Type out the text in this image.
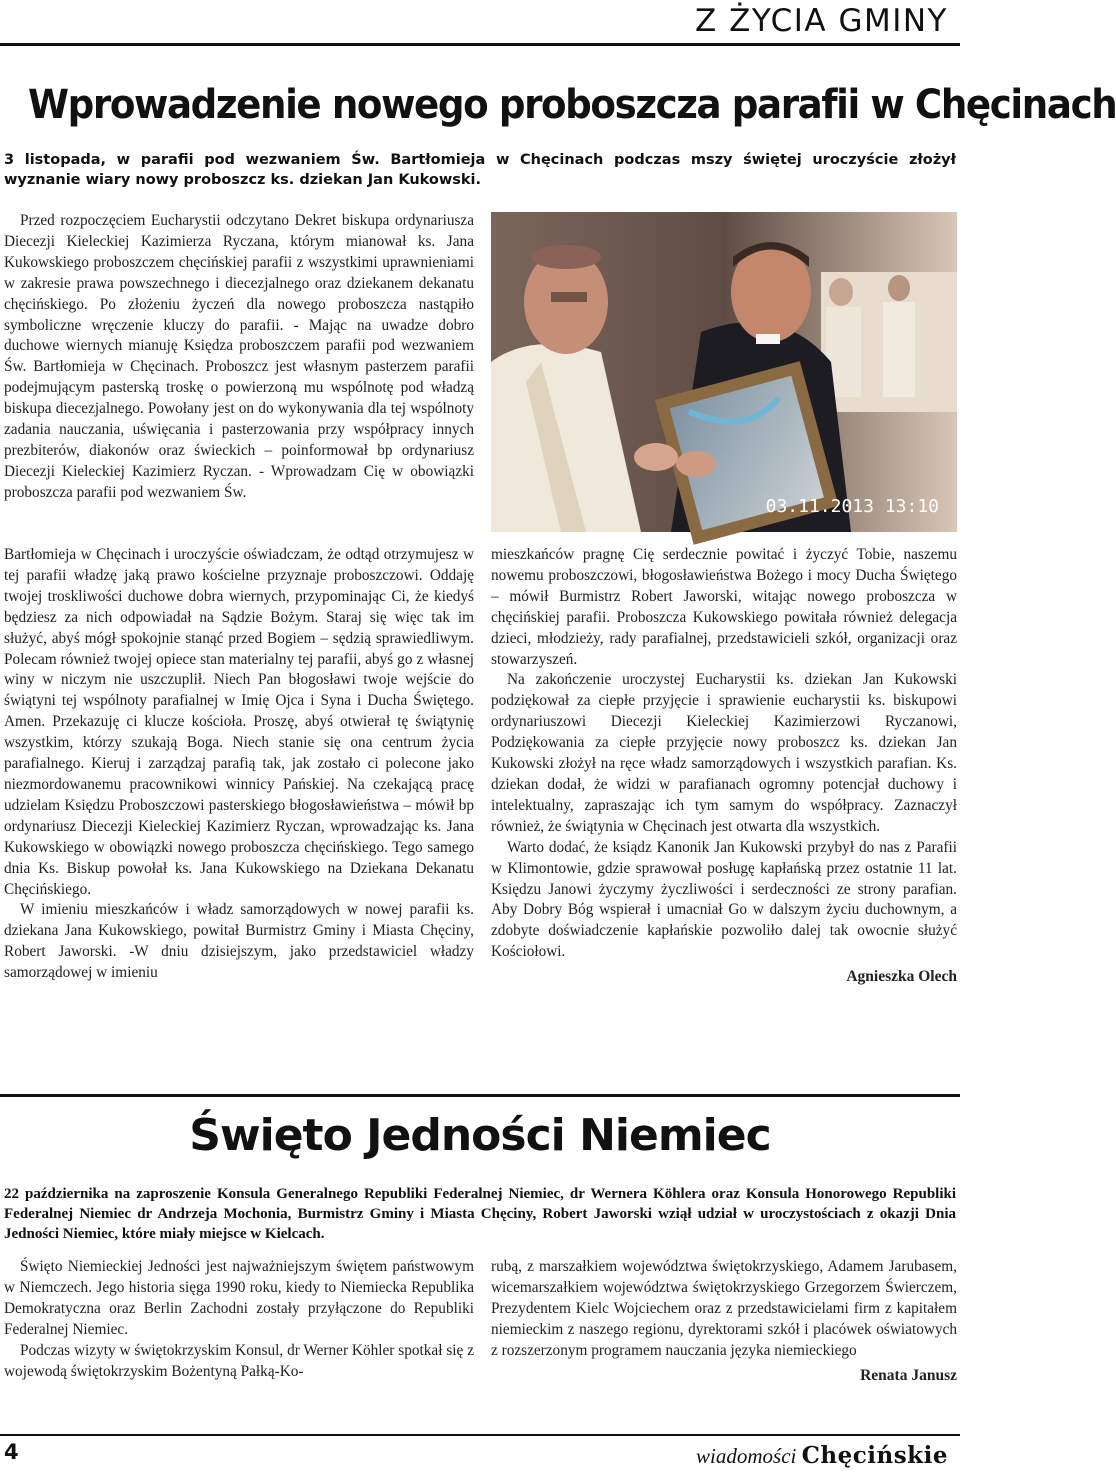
Z ŻYCIA GMINY
Wprowadzenie nowego proboszcza parafii w Chęcinach
3 listopada, w parafii pod wezwaniem Św. Bartłomieja w Chęcinach podczas mszy świętej uroczyście złożył wyznanie wiary nowy proboszcz ks. dziekan Jan Kukowski.

Przed rozpoczęciem Eucharystii odczytano Dekret biskupa ordynariusza Diecezji Kieleckiej Kazimierza Ryczana, którym mianował ks. Jana Kukowskiego proboszczem chęcińskiej parafii z wszystkimi uprawnieniami w zakresie prawa powszechnego i diecezjalnego oraz dziekanem dekanatu chęcińskiego. Po złożeniu życzeń dla nowego proboszcza nastąpiło symboliczne wręczenie kluczy do parafii. - Mając na uwadze dobro duchowe wiernych mianuję Księdza proboszczem parafii pod wezwaniem Św. Bartłomieja w Chęcinach. Proboszcz jest własnym pasterzem parafii podejmującym pasterską troskę o powierzoną mu wspólnotę pod władzą biskupa diecezjalnego. Powołany jest on do wykonywania dla tej wspólnoty zadania nauczania, uświęcania i pasterzowania przy współpracy innych prezbiterów, diakonów oraz świeckich – poinformował bp ordynariusz Diecezji Kieleckiej Kazimierz Ryczan. - Wprowadzam Cię w obowiązki proboszcza parafii pod wezwaniem Św.

03.11.2013 13:10

Bartłomieja w Chęcinach i uroczyście oświadczam, że odtąd otrzymujesz w tej parafii władzę jaką prawo kościelne przyznaje proboszczowi. Oddaję twojej troskliwości duchowe dobra wiernych, przypominając Ci, że kiedyś będziesz za nich odpowiadał na Sądzie Bożym. Staraj się więc tak im służyć, abyś mógł spokojnie stanąć przed Bogiem – sędzią sprawiedliwym. Polecam również twojej opiece stan materialny tej parafii, abyś go z własnej winy w niczym nie uszczuplił. Niech Pan błogosławi twoje wejście do świątyni tej wspólnoty parafialnej w Imię Ojca i Syna i Ducha Świętego. Amen. Przekazuję ci klucze kościoła. Proszę, abyś otwierał tę świątynię wszystkim, którzy szukają Boga. Niech stanie się ona centrum życia parafialnego. Kieruj i zarządzaj parafią tak, jak zostało ci polecone jako niezmordowanemu pracownikowi winnicy Pańskiej. Na czekającą pracę udzielam Księdzu Proboszczowi pasterskiego błogosławieństwa – mówił bp ordynariusz Diecezji Kieleckiej Kazimierz Ryczan, wprowadzając ks. Jana Kukowskiego w obowiązki nowego proboszcza chęcińskiego. Tego samego dnia Ks. Biskup powołał ks. Jana Kukowskiego na Dziekana Dekanatu Chęcińskiego.

W imieniu mieszkańców i władz samorządowych w nowej parafii ks. dziekana Jana Kukowskiego, powitał Burmistrz Gminy i Miasta Chęciny, Robert Jaworski. -W dniu dzisiejszym, jako przedstawiciel władzy samorządowej w imieniu

mieszkańców pragnę Cię serdecznie powitać i życzyć Tobie, naszemu nowemu proboszczowi, błogosławieństwa Bożego i mocy Ducha Świętego – mówił Burmistrz Robert Jaworski, witając nowego proboszcza w chęcińskiej parafii. Proboszcza Kukowskiego powitała również delegacja dzieci, młodzieży, rady parafialnej, przedstawicieli szkół, organizacji oraz stowarzyszeń.

Na zakończenie uroczystej Eucharystii ks. dziekan Jan Kukowski podziękował za ciepłe przyjęcie i sprawienie eucharystii ks. biskupowi ordynariuszowi Diecezji Kieleckiej Kazimierzowi Ryczanowi, Podziękowania za ciepłe przyjęcie nowy proboszcz ks. dziekan Jan Kukowski złożył na ręce władz samorządowych i wszystkich parafian. Ks. dziekan dodał, że widzi w parafianach ogromny potencjał duchowy i intelektualny, zapraszając ich tym samym do współpracy. Zaznaczył również, że świątynia w Chęcinach jest otwarta dla wszystkich.

Warto dodać, że ksiądz Kanonik Jan Kukowski przybył do nas z Parafii w Klimontowie, gdzie sprawował posługę kapłańską przez ostatnie 11 lat. Księdzu Janowi życzymy życzliwości i serdeczności ze strony parafian. Aby Dobry Bóg wspierał i umacniał Go w dalszym życiu duchownym, a zdobyte doświadczenie kapłańskie pozwoliło dalej tak owocnie służyć Kościołowi.

Agnieszka Olech
Święto Jedności Niemiec
22 października na zaproszenie Konsula Generalnego Republiki Federalnej Niemiec, dr Wernera Köhlera oraz Konsula Honorowego Republiki Federalnej Niemiec dr Andrzeja Mochonia, Burmistrz Gminy i Miasta Chęciny, Robert Jaworski wziął udział w uroczystościach z okazji Dnia Jedności Niemiec, które miały miejsce w Kielcach.

Święto Niemieckiej Jedności jest najważniejszym świętem państwowym w Niemczech. Jego historia sięga 1990 roku, kiedy to Niemiecka Republika Demokratyczna oraz Berlin Zachodni zostały przyłączone do Republiki Federalnej Niemiec.

Podczas wizyty w świętokrzyskim Konsul, dr Werner Köhler spotkał się z wojewodą świętokrzyskim Bożentyną Pałką-Ko-

rubą, z marszałkiem województwa świętokrzyskiego, Adamem Jarubasem, wicemarszałkiem województwa świętokrzyskiego Grzegorzem Świerczem, Prezydentem Kielc Wojciechem oraz z przedstawicielami firm z kapitałem niemieckim z naszego regionu, dyrektorami szkół i placówek oświatowych z rozszerzonym programem nauczania języka niemieckiego

Renata Janusz
4	wiadomości Chęcińskie
